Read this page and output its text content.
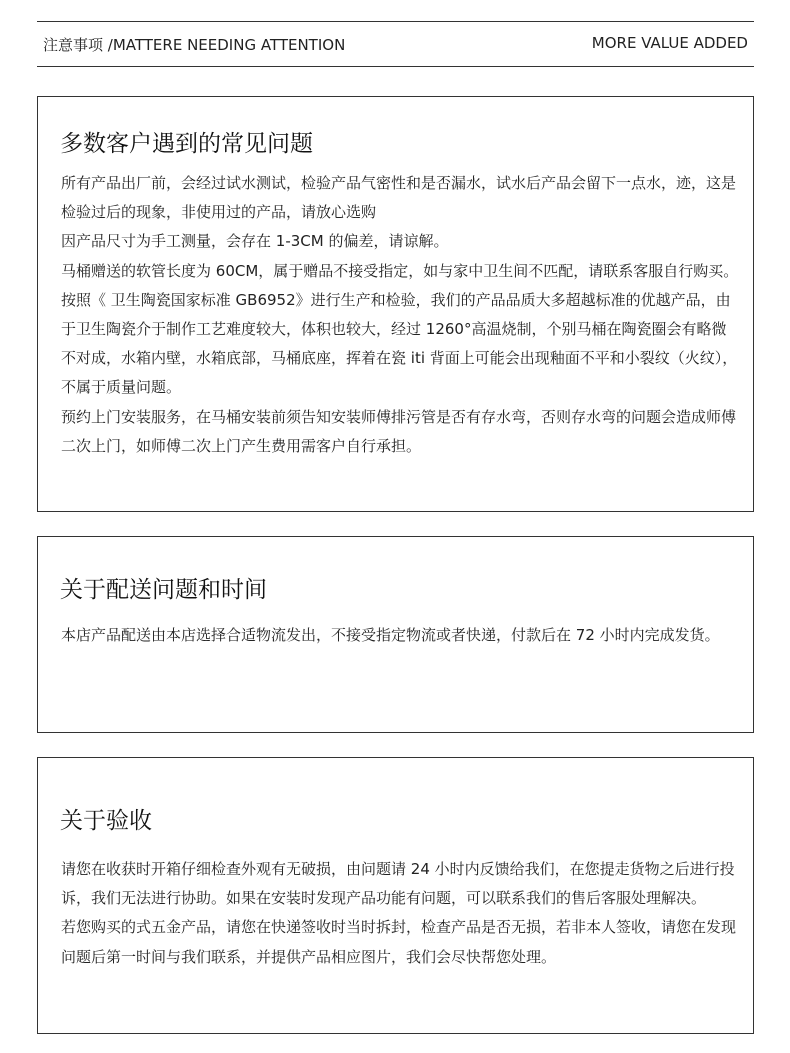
注意事项 /MATTERE NEEDING ATTENTION	MORE VALUE ADDED
多数客户遇到的常见问题

所有产品出厂前，会经过试水测试，检验产品气密性和是否漏水，试水后产品会留下一点水，迹，这是检验过后的现象，非使用过的产品，请放心选购

因产品尺寸为手工测量，会存在 1-3CM 的偏差，请谅解。

马桶赠送的软管长度为 60CM，属于赠品不接受指定，如与家中卫生间不匹配，请联系客服自行购买。

按照《 卫生陶瓷国家标准 GB6952》进行生产和检验，我们的产品品质大多超越标准的优越产品，由于卫生陶瓷介于制作工艺难度较大，体积也较大，经过 1260°高温烧制，个别马桶在陶瓷圈会有略微不对成，水箱内壁，水箱底部，马桶底座，挥着在瓷 iti 背面上可能会出现釉面不平和小裂纹（火纹），不属于质量问题。

预约上门安装服务，在马桶安装前须告知安装师傅排污管是否有存水弯，否则存水弯的问题会造成师傅二次上门，如师傅二次上门产生费用需客户自行承担。

关于配送问题和时间

本店产品配送由本店选择合适物流发出，不接受指定物流或者快递，付款后在 72 小时内完成发货。

关于验收

请您在收获时开箱仔细检查外观有无破损，由问题请 24 小时内反馈给我们，在您提走货物之后进行投诉，我们无法进行协助。如果在安装时发现产品功能有问题，可以联系我们的售后客服处理解决。

若您购买的式五金产品，请您在快递签收时当时拆封，检查产品是否无损，若非本人签收，请您在发现问题后第一时间与我们联系，并提供产品相应图片，我们会尽快帮您处理。
